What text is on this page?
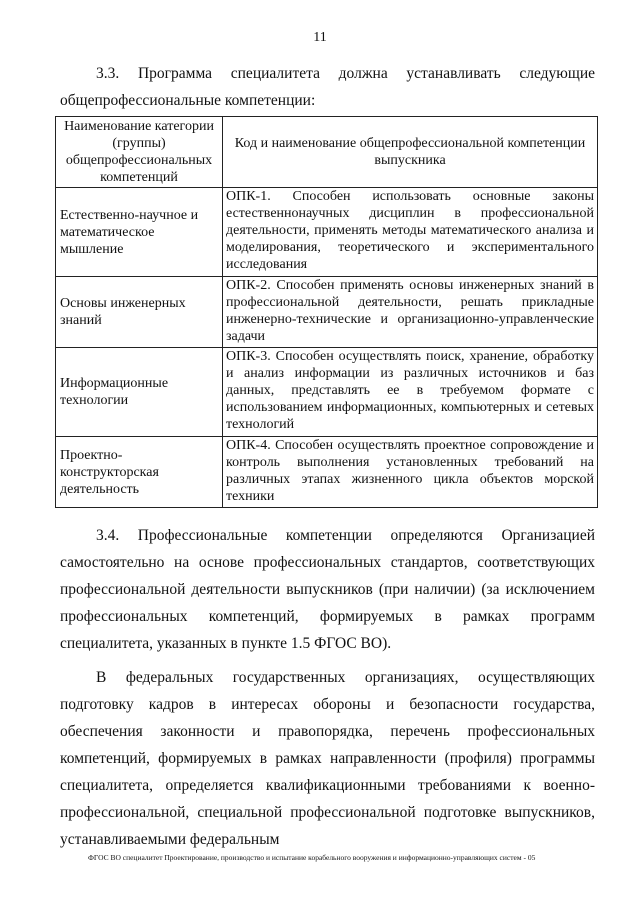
11

3.3. Программа специалитета должна устанавливать следующие

общепрофессиональные компетенции:

Наименование категории (группы) общепрофессиональных компетенций	Код и наименование общепрофессиональной компетенции выпускника
Естественно-научное и математическое мышление	ОПК-1. Способен использовать основные законы естественнонаучных дисциплин в профессиональной деятельности, применять методы математического анализа и моделирования, теоретического и экспериментального исследования
Основы инженерных знаний	ОПК-2. Способен применять основы инженерных знаний в профессиональной деятельности, решать прикладные инженерно-технические и организационно-управленческие задачи
Информационные технологии	ОПК-3. Способен осуществлять поиск, хранение, обработку и анализ информации из различных источников и баз данных, представлять ее в требуемом формате с использованием информационных, компьютерных и сетевых технологий
Проектно-конструкторская деятельность	ОПК-4. Способен осуществлять проектное сопровождение и контроль выполнения установленных требований на различных этапах жизненного цикла объектов морской техники

3.4. Профессиональные компетенции определяются Организацией самостоятельно на основе профессиональных стандартов, соответствующих профессиональной деятельности выпускников (при наличии) (за исключением профессиональных компетенций, формируемых в рамках программ специалитета, указанных в пункте 1.5 ФГОС ВО).

В федеральных государственных организациях, осуществляющих подготовку кадров в интересах обороны и безопасности государства, обеспечения законности и правопорядка, перечень профессиональных компетенций, формируемых в рамках направленности (профиля) программы специалитета, определяется квалификационными требованиями к военно-профессиональной, специальной профессиональной подготовке выпускников, устанавливаемыми федеральным

ФГОС ВО специалитет Проектирование, производство и испытание корабельного вооружения и информационно-управляющих систем - 05
